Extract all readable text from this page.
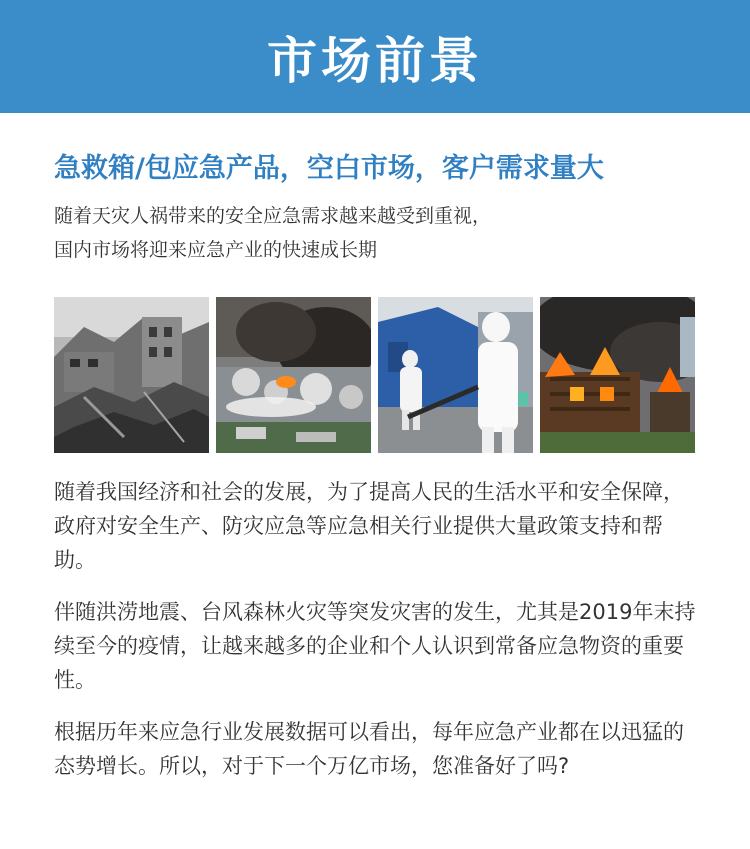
市场前景
急救箱/包应急产品，空白市场，客户需求量大
随着天灾人祸带来的安全应急需求越来越受到重视，
国内市场将迎来应急产业的快速成长期
随着我国经济和社会的发展，为了提高人民的生活水平和安全保障，政府对安全生产、防灾应急等应急相关行业提供大量政策支持和帮助。
伴随洪涝地震、台风森林火灾等突发灾害的发生，尤其是2019年末持续至今的疫情，让越来越多的企业和个人认识到常备应急物资的重要性。
根据历年来应急行业发展数据可以看出，每年应急产业都在以迅猛的态势增长。所以，对于下一个万亿市场，您准备好了吗?
